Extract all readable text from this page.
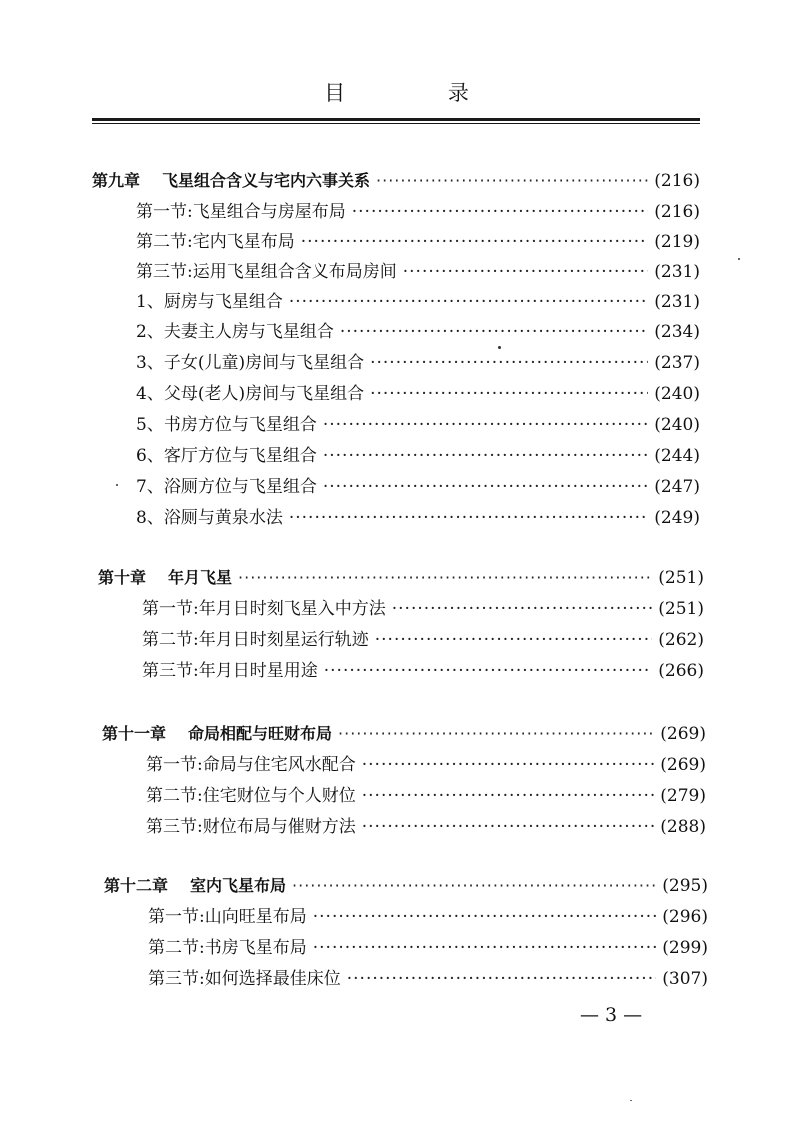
目 录
第九章 飞星组合含义与宅内六事关系 ·····	(216)
第一节:飞星组合与房屋布局 ·····	(216)
第二节:宅内飞星布局 ·····	(219)
第三节:运用飞星组合含义布局房间 ·····	(231)
1、厨房与飞星组合 ·····	(231)
2、夫妻主人房与飞星组合 ·····	(234)
3、子女(儿童)房间与飞星组合 ·····	(237)
4、父母(老人)房间与飞星组合 ·····	(240)
5、书房方位与飞星组合 ·····	(240)
6、客厅方位与飞星组合 ·····	(244)
7、浴厕方位与飞星组合 ·····	(247)
8、浴厕与黄泉水法 ·····	(249)
第十章 年月飞星 ·····	(251)
第一节:年月日时刻飞星入中方法 ·····	(251)
第二节:年月日时刻星运行轨迹 ·····	(262)
第三节:年月日时星用途 ·····	(266)
第十一章 命局相配与旺财布局 ·····	(269)
第一节:命局与住宅风水配合 ·····	(269)
第二节:住宅财位与个人财位 ·····	(279)
第三节:财位布局与催财方法 ·····	(288)
第十二章 室内飞星布局 ·····	(295)
第一节:山向旺星布局 ·····	(296)
第二节:书房飞星布局 ·····	(299)
第三节:如何选择最佳床位 ·····	(307)
— 3 —
